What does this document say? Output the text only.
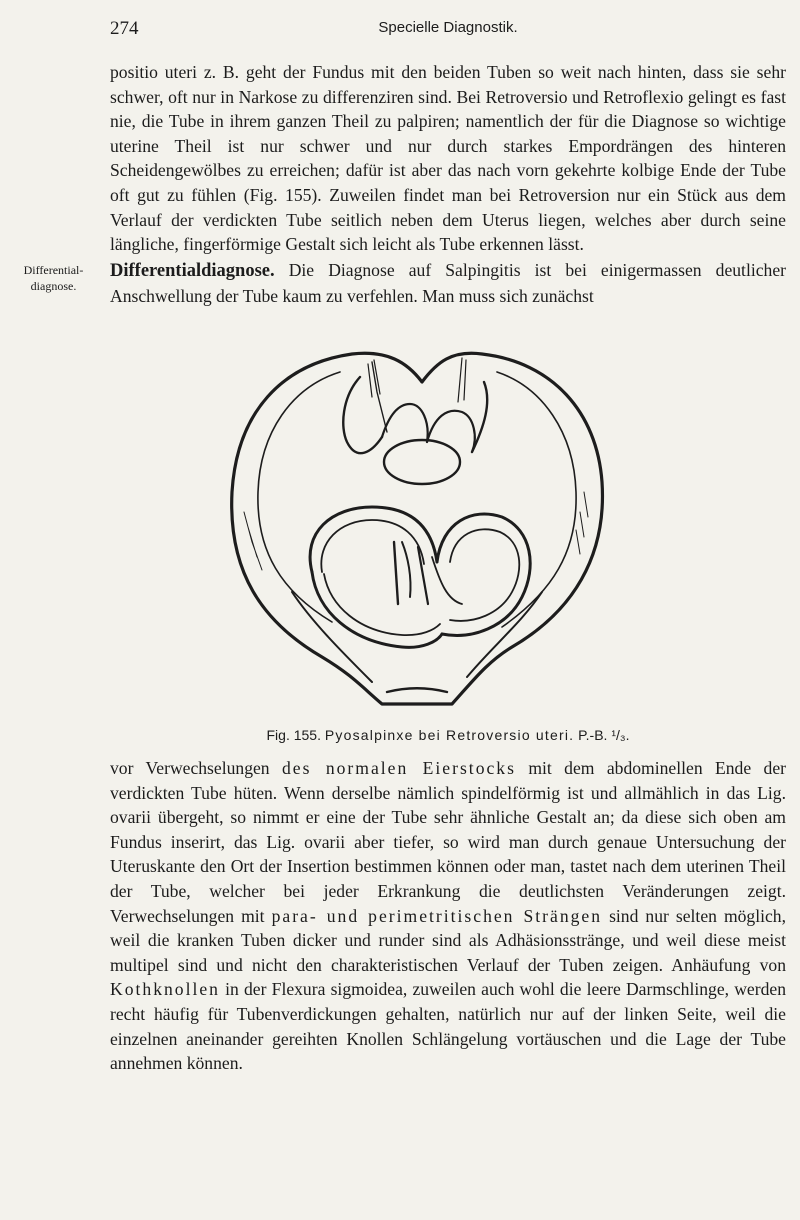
274	Specielle Diagnostik.

positio uteri z. B. geht der Fundus mit den beiden Tuben so weit nach hinten, dass sie sehr schwer, oft nur in Narkose zu differenziren sind. Bei Retroversio und Retroflexio gelingt es fast nie, die Tube in ihrem ganzen Theil zu palpiren; namentlich der für die Diagnose so wichtige uterine Theil ist nur schwer und nur durch starkes Empordrängen des hinteren Scheidengewölbes zu erreichen; dafür ist aber das nach vorn gekehrte kolbige Ende der Tube oft gut zu fühlen (Fig. 155). Zuweilen findet man bei Retroversion nur ein Stück aus dem Verlauf der verdickten Tube seitlich neben dem Uterus liegen, welches aber durch seine längliche, fingerförmige Gestalt sich leicht als Tube erkennen lässt.

Differential-
diagnose.

Differentialdiagnose. Die Diagnose auf Salpingitis ist bei einigermassen deutlicher Anschwellung der Tube kaum zu verfehlen. Man muss sich zunächst

Fig. 155. Pyosalpinxe bei Retroversio uteri. P.-B. ¹/₃.

vor Verwechselungen des normalen Eierstocks mit dem abdominellen Ende der verdickten Tube hüten. Wenn derselbe nämlich spindelförmig ist und allmählich in das Lig. ovarii übergeht, so nimmt er eine der Tube sehr ähnliche Gestalt an; da diese sich oben am Fundus inserirt, das Lig. ovarii aber tiefer, so wird man durch genaue Untersuchung der Uteruskante den Ort der Insertion bestimmen können oder man, tastet nach dem uterinen Theil der Tube, welcher bei jeder Erkrankung die deutlichsten Veränderungen zeigt. Verwechselungen mit para- und perimetritischen Strängen sind nur selten möglich, weil die kranken Tuben dicker und runder sind als Adhäsionsstränge, und weil diese meist multipel sind und nicht den charakteristischen Verlauf der Tuben zeigen. Anhäufung von Kothknollen in der Flexura sigmoidea, zuweilen auch wohl die leere Darmschlinge, werden recht häufig für Tubenverdickungen gehalten, natürlich nur auf der linken Seite, weil die einzelnen aneinander gereihten Knollen Schlängelung vortäuschen und die Lage der Tube annehmen können.
